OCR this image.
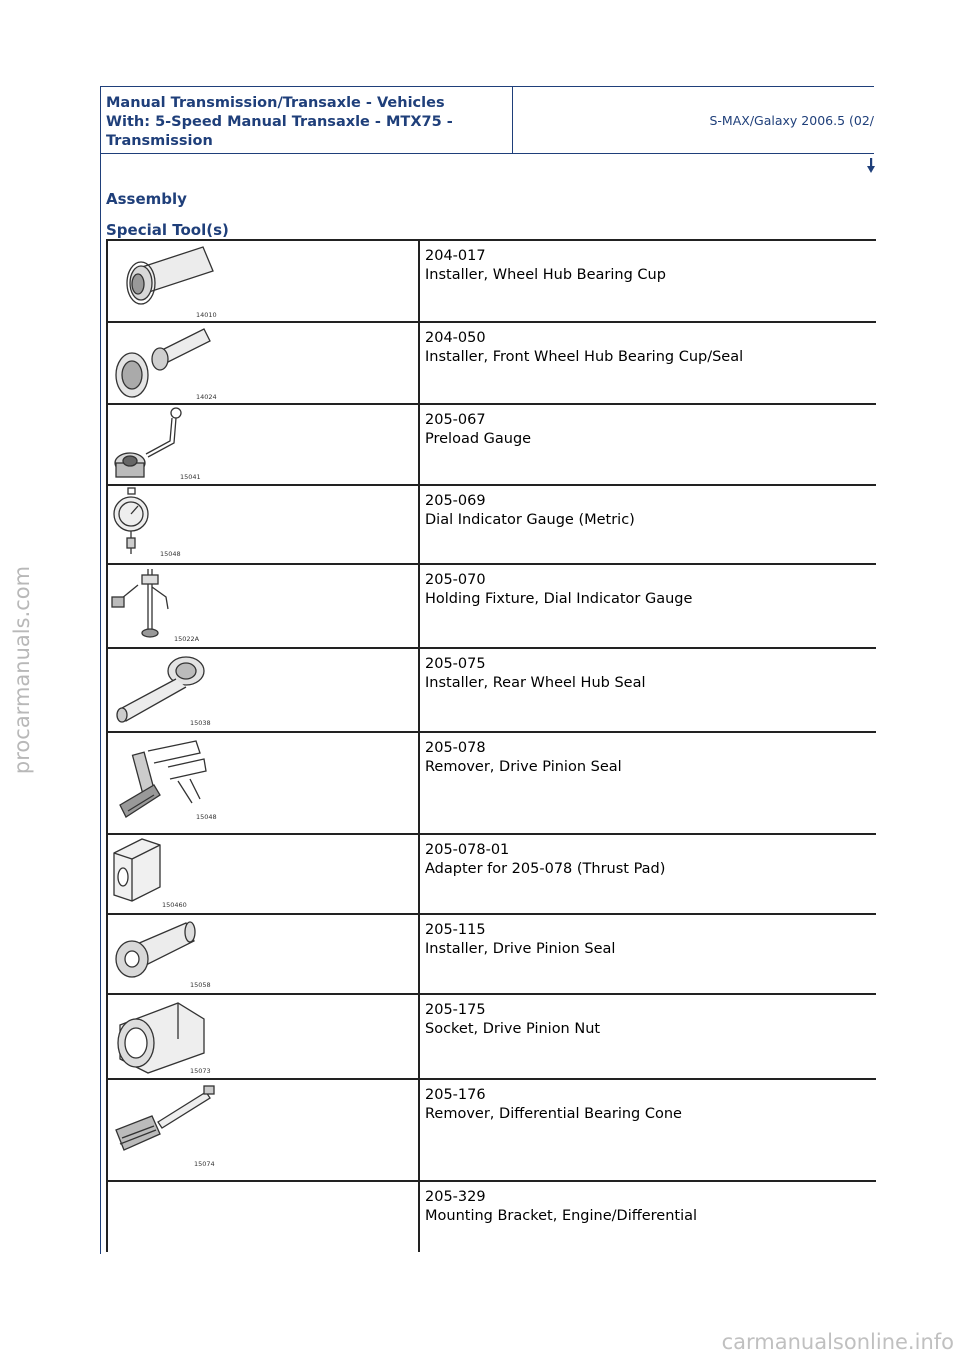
Manual Transmission/Transaxle - Vehicles
With: 5-Speed Manual Transaxle - MTX75 -
Transmission
S-MAX/Galaxy 2006.5 (02/
Assembly
Special Tool(s)
14010
204-017
Installer, Wheel Hub Bearing Cup
14024
204-050
Installer, Front Wheel Hub Bearing Cup/Seal
15041
205-067
Preload Gauge
15048
205-069
Dial Indicator Gauge (Metric)
15022A
205-070
Holding Fixture, Dial Indicator Gauge
15038
205-075
Installer, Rear Wheel Hub Seal
15048
205-078
Remover, Drive Pinion Seal
150460
205-078-01
Adapter for 205-078 (Thrust Pad)
15058
205-115
Installer, Drive Pinion Seal
15073
205-175
Socket, Drive Pinion Nut
15074
205-176
Remover, Differential Bearing Cone
205-329
Mounting Bracket, Engine/Differential
procarmanuals.com
carmanualsonline.info
